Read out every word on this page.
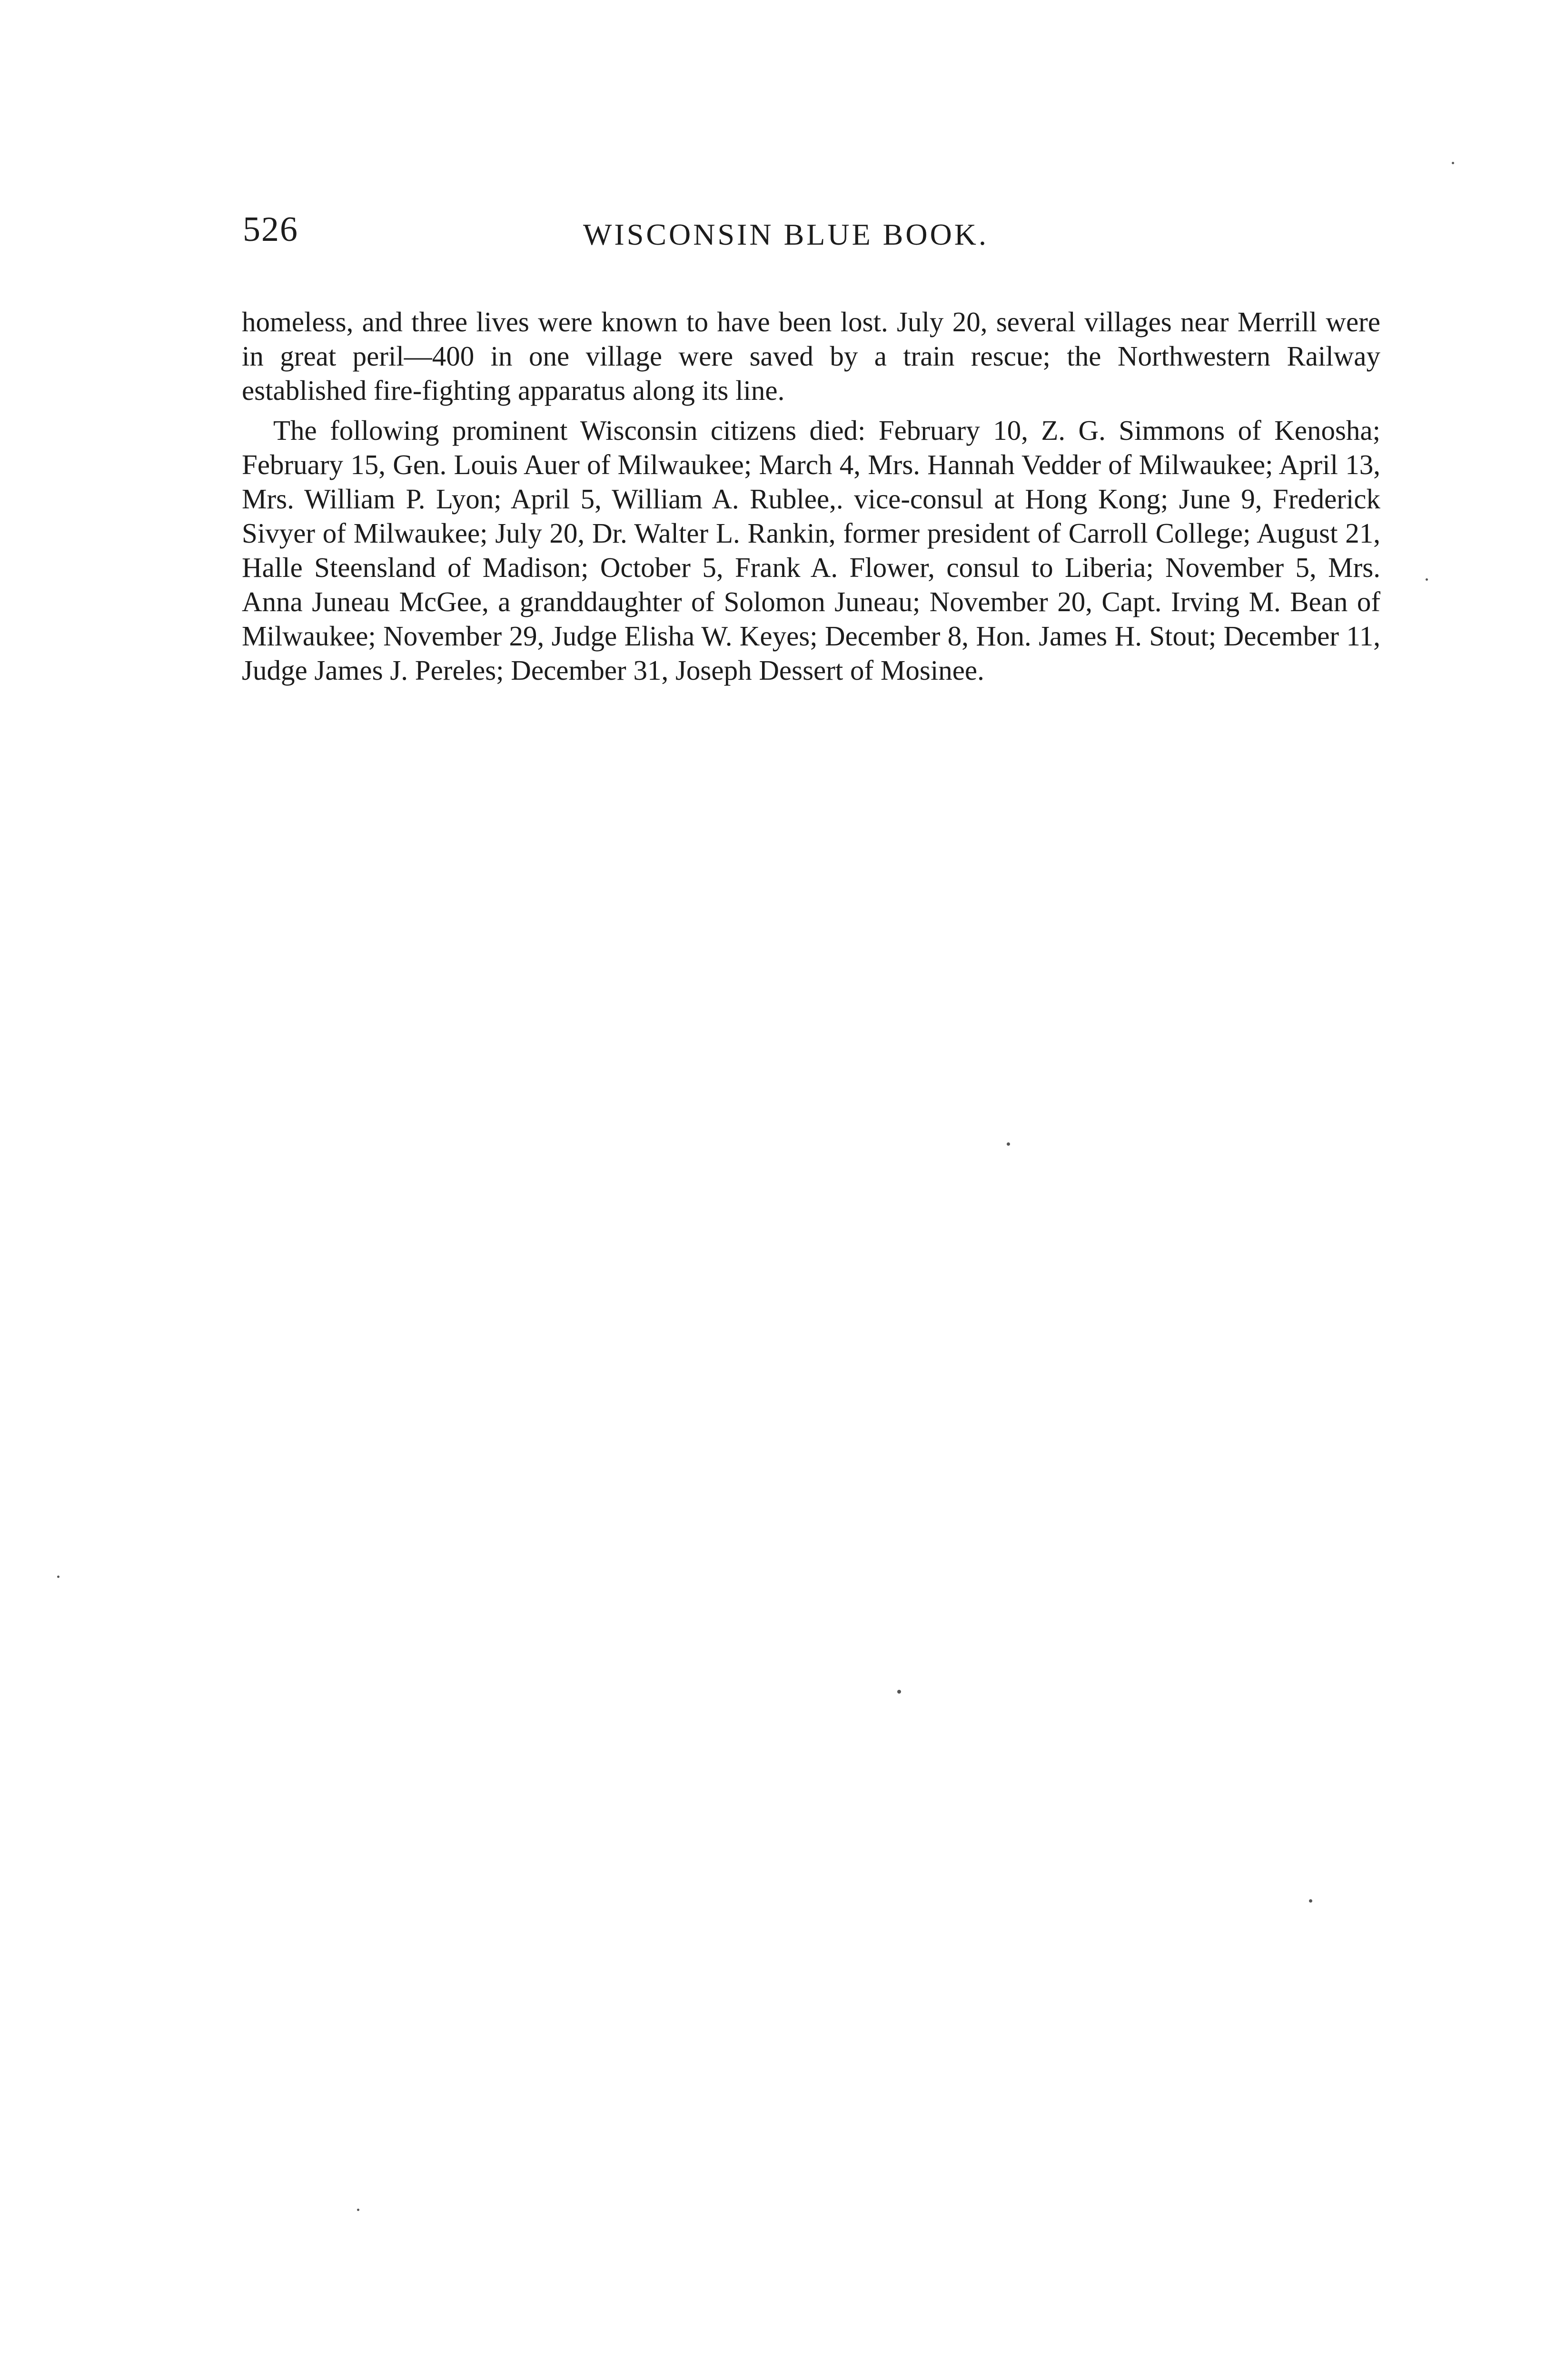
526	WISCONSIN BLUE BOOK.

homeless, and three lives were known to have been lost. July 20, several villages near Merrill were in great peril—400 in one village were saved by a train rescue; the Northwestern Railway established fire-fighting apparatus along its line.

The following prominent Wisconsin citizens died: February 10, Z. G. Simmons of Kenosha; February 15, Gen. Louis Auer of Milwaukee; March 4, Mrs. Hannah Vedder of Milwaukee; April 13, Mrs. William P. Lyon; April 5, William A. Rublee,. vice-consul at Hong Kong; June 9, Frederick Sivyer of Milwaukee; July 20, Dr. Walter L. Rankin, former president of Carroll College; August 21, Halle Steensland of Madison; October 5, Frank A. Flower, consul to Liberia; November 5, Mrs. Anna Juneau McGee, a granddaughter of Solomon Juneau; November 20, Capt. Irving M. Bean of Milwaukee; November 29, Judge Elisha W. Keyes; December 8, Hon. James H. Stout; December 11, Judge James J. Pereles; December 31, Joseph Dessert of Mosinee.
